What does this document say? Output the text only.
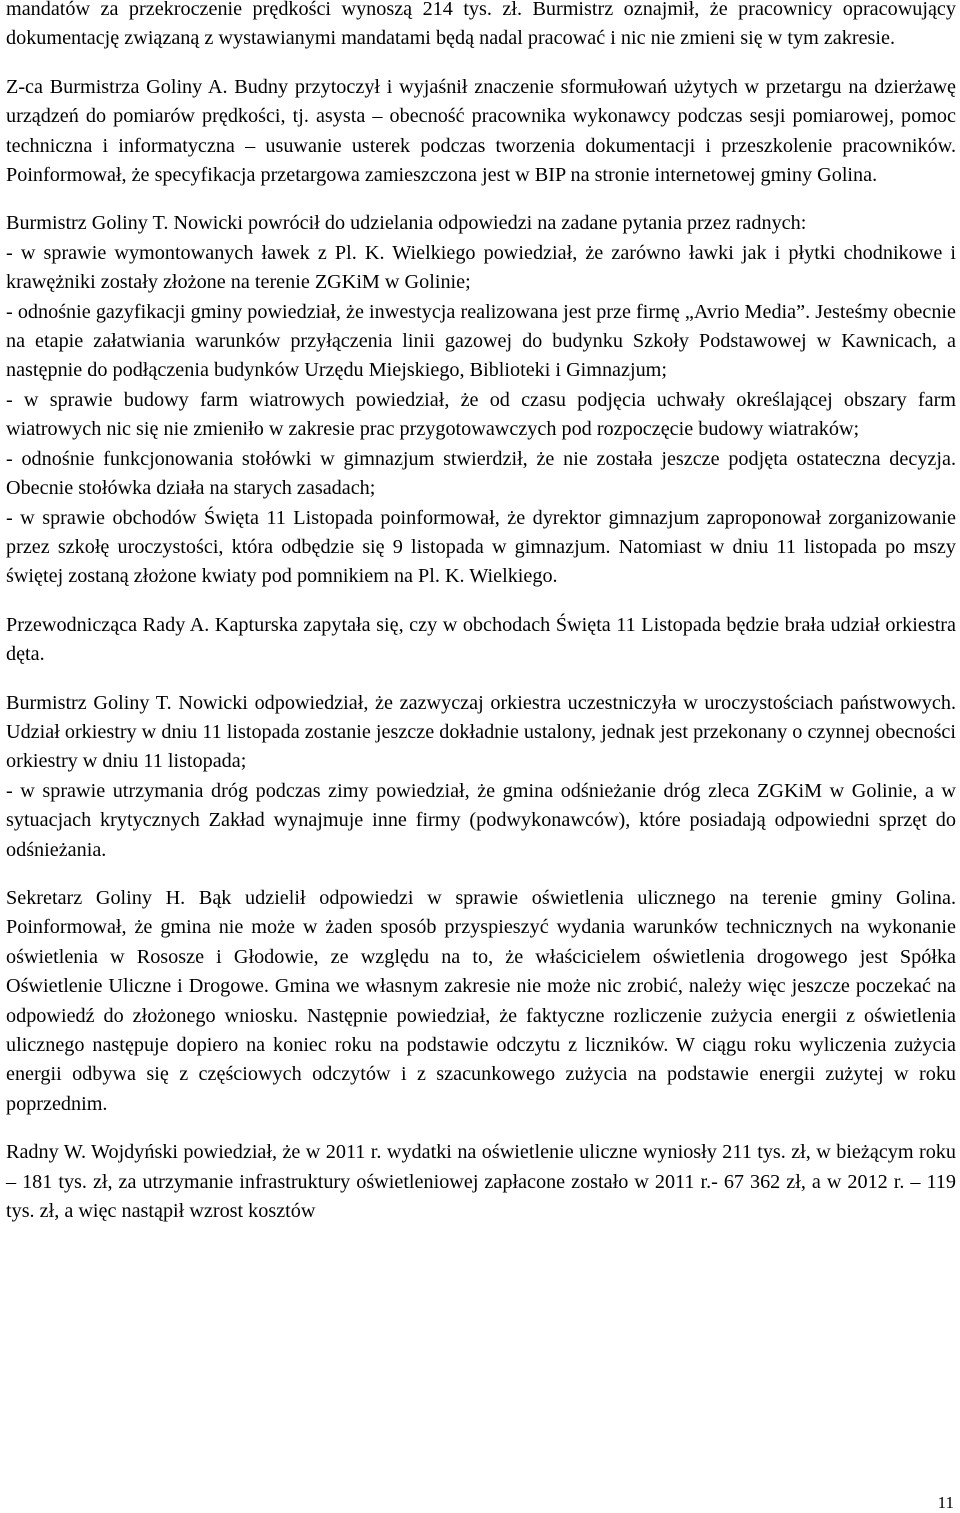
mandatów za przekroczenie prędkości wynoszą 214 tys. zł. Burmistrz oznajmił, że pracownicy opracowujący dokumentację związaną z wystawianymi mandatami będą nadal pracować i nic nie zmieni się w tym zakresie.

Z-ca Burmistrza Goliny A. Budny przytoczył i wyjaśnił znaczenie sformułowań użytych w przetargu na dzierżawę urządzeń do pomiarów prędkości, tj. asysta – obecność pracownika wykonawcy podczas sesji pomiarowej, pomoc techniczna i informatyczna – usuwanie usterek podczas tworzenia dokumentacji i przeszkolenie pracowników. Poinformował, że specyfikacja przetargowa zamieszczona jest w BIP na stronie internetowej gminy Golina.

Burmistrz Goliny T. Nowicki powrócił do udzielania odpowiedzi na zadane pytania przez radnych:
- w sprawie wymontowanych ławek z Pl. K. Wielkiego powiedział, że zarówno ławki jak i płytki chodnikowe i krawężniki zostały złożone na terenie ZGKiM w Golinie;
- odnośnie gazyfikacji gminy powiedział, że inwestycja realizowana jest prze firmę „Avrio Media”. Jesteśmy obecnie na etapie załatwiania warunków przyłączenia linii gazowej do budynku Szkoły Podstawowej w Kawnicach, a następnie do podłączenia budynków Urzędu Miejskiego, Biblioteki i Gimnazjum;
- w sprawie budowy farm wiatrowych powiedział, że od czasu podjęcia uchwały określającej obszary farm wiatrowych nic się nie zmieniło w zakresie prac przygotowawczych pod rozpoczęcie budowy wiatraków;
- odnośnie funkcjonowania stołówki w gimnazjum stwierdził, że nie została jeszcze podjęta ostateczna decyzja. Obecnie stołówka działa na starych zasadach;
- w sprawie obchodów Święta 11 Listopada poinformował, że dyrektor gimnazjum zaproponował zorganizowanie przez szkołę uroczystości, która odbędzie się 9 listopada w gimnazjum. Natomiast w dniu 11 listopada po mszy świętej zostaną złożone kwiaty pod pomnikiem na Pl. K. Wielkiego.

Przewodnicząca Rady A. Kapturska zapytała się, czy w obchodach Święta 11 Listopada będzie brała udział orkiestra dęta.

Burmistrz Goliny T. Nowicki odpowiedział, że zazwyczaj orkiestra uczestniczyła w uroczystościach państwowych. Udział orkiestry w dniu 11 listopada zostanie jeszcze dokładnie ustalony, jednak jest przekonany o czynnej obecności orkiestry w dniu 11 listopada;
- w sprawie utrzymania dróg podczas zimy powiedział, że gmina odśnieżanie dróg zleca ZGKiM w Golinie, a w sytuacjach krytycznych Zakład wynajmuje inne firmy (podwykonawców), które posiadają odpowiedni sprzęt do odśnieżania.

Sekretarz Goliny H. Bąk udzielił odpowiedzi w sprawie oświetlenia ulicznego na terenie gminy Golina. Poinformował, że gmina nie może w żaden sposób przyspieszyć wydania warunków technicznych na wykonanie oświetlenia w Rososze i Głodowie, ze względu na to, że właścicielem oświetlenia drogowego jest Spółka Oświetlenie Uliczne i Drogowe. Gmina we własnym zakresie nie może nic zrobić, należy więc jeszcze poczekać na odpowiedź do złożonego wniosku. Następnie powiedział, że faktyczne rozliczenie zużycia energii z oświetlenia ulicznego następuje dopiero na koniec roku na podstawie odczytu z liczników. W ciągu roku wyliczenia zużycia energii odbywa się z częściowych odczytów i z szacunkowego zużycia na podstawie energii zużytej w roku poprzednim.

Radny W. Wojdyński powiedział, że w 2011 r. wydatki na oświetlenie uliczne wyniosły 211 tys. zł, w bieżącym roku – 181 tys. zł, za utrzymanie infrastruktury oświetleniowej zapłacone zostało w 2011 r.- 67 362 zł, a w 2012 r. – 119 tys. zł, a więc nastąpił wzrost kosztów

11
